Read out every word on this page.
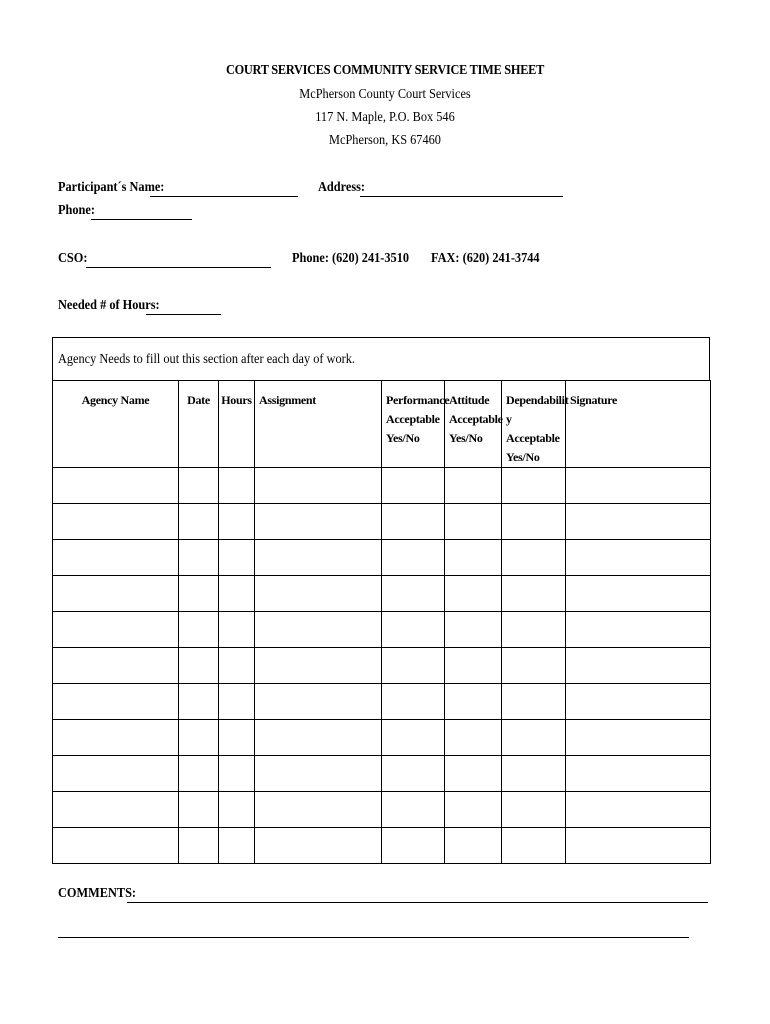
COURT SERVICES COMMUNITY SERVICE TIME SHEET
McPherson County Court Services
117 N. Maple, P.O. Box 546
McPherson, KS 67460
Participant´s Name:	Address:
Phone:
CSO:	Phone: (620) 241-3510 FAX: (620) 241-3744
Needed # of Hours:
Agency Needs to fill out this section after each day of work.
Agency Name	Date	Hours	Assignment	Performance Acceptable Yes/No	Attitude Acceptable Yes/No	Dependabilit y Acceptable Yes/No	Signature

COMMENTS:
